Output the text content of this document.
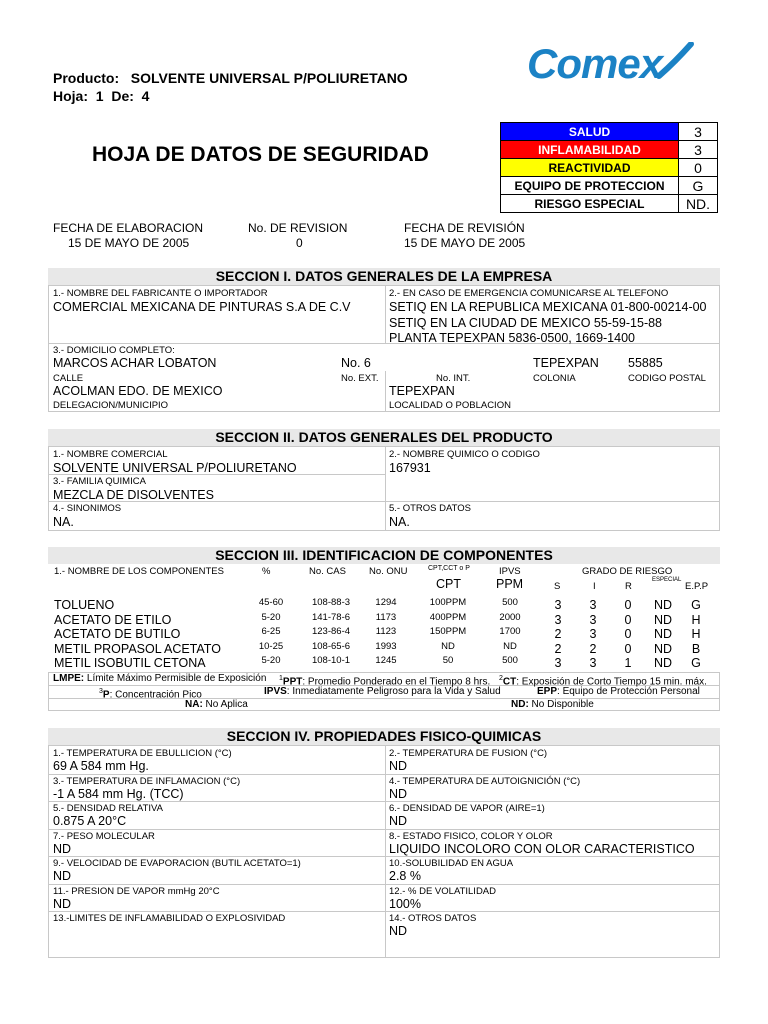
Producto:   SOLVENTE UNIVERSAL P/POLIURETANO
Hoja:  1  De:  4
Comex
HOJA DE DATOS DE SEGURIDAD
SALUD	3
INFLAMABILIDAD	3
REACTIVIDAD	0
EQUIPO DE PROTECCION	G
RIESGO ESPECIAL	ND.
FECHA DE ELABORACION
15 DE MAYO DE 2005
No. DE REVISION
0
FECHA DE REVISIÓN
15 DE MAYO DE 2005
SECCION I. DATOS GENERALES DE LA EMPRESA
1.- NOMBRE DEL FABRICANTE O IMPORTADOR
COMERCIAL MEXICANA DE PINTURAS S.A DE C.V
2.- EN CASO DE EMERGENCIA COMUNICARSE AL TELEFONO
SETIQ EN LA REPUBLICA MEXICANA 01-800-00214-00
SETIQ EN LA CIUDAD DE MEXICO 55-59-15-88
PLANTA TEPEXPAN 5836-0500, 1669-1400
3.- DOMICILIO COMPLETO:
MARCOS ACHAR LOBATON
CALLE
No. 6
No. EXT.	No. INT.
TEPEXPAN
COLONIA
55885
CODIGO POSTAL
ACOLMAN EDO. DE MEXICO
DELEGACION/MUNICIPIO
TEPEXPAN
LOCALIDAD O POBLACION
SECCION II. DATOS GENERALES DEL PRODUCTO
1.- NOMBRE COMERCIAL
SOLVENTE UNIVERSAL P/POLIURETANO
2.- NOMBRE QUIMICO O CODIGO
167931
3.- FAMILIA QUIMICA
MEZCLA DE DISOLVENTES
4.- SINONIMOS
NA.
5.- OTROS DATOS
NA.
SECCION III. IDENTIFICACION DE COMPONENTES
1.- NOMBRE DE LOS COMPONENTES	%	No. CAS No. ONU	CPT,CCT o P
CPT
IPVS
PPM
GRADO DE RIESGO
S	I	R
ESPECIAL
E.P.P
TOLUENO	45-60	108-88-3	1294	100PPM	500	3	3	0	ND	G
ACETATO DE ETILO	5-20	141-78-6	1173	400PPM	2000	3	3	0	ND	H
ACETATO DE BUTILO	6-25	123-86-4	1123	150PPM	1700	2	3	0	ND	H
METIL PROPASOL ACETATO	10-25	108-65-6	1993	ND	ND	2	2	0	ND	B
METIL ISOBUTIL CETONA	5-20	108-10-1	1245	50	500	3	3	1	ND	G
LMPE: Límite Máximo Permisible de Exposición $^1$PPT: Promedio Ponderado en el Tiempo 8 hrs. $^2$CT: Exposición de Corto Tiempo 15 min. máx.
$^3$P: Concentración Pico	IPVS: Inmediatamente Peligroso para la Vida y Salud	EPP: Equipo de Protección Personal
NA: No Aplica	ND: No Disponible
SECCION IV. PROPIEDADES FISICO-QUIMICAS
1.- TEMPERATURA DE EBULLICION (°C)
69 A 584 mm Hg.
2.- TEMPERATURA DE FUSION (°C)
ND
3.- TEMPERATURA DE INFLAMACION (°C)
-1 A 584 mm Hg. (TCC)
4.- TEMPERATURA DE AUTOIGNICIÓN (°C)
ND
5.- DENSIDAD RELATIVA
0.875 A 20°C
6.- DENSIDAD DE VAPOR (AIRE=1)
ND
7.- PESO MOLECULAR
ND
8.- ESTADO FISICO, COLOR Y OLOR
LIQUIDO INCOLORO CON OLOR CARACTERISTICO
9.- VELOCIDAD DE EVAPORACION (BUTIL ACETATO=1)
ND
10.-SOLUBILIDAD EN AGUA
2.8 %
11.- PRESION DE VAPOR mmHg 20°C
ND
12.- % DE VOLATILIDAD
100%
13.-LIMITES DE INFLAMABILIDAD O EXPLOSIVIDAD	14.- OTROS DATOS
ND
